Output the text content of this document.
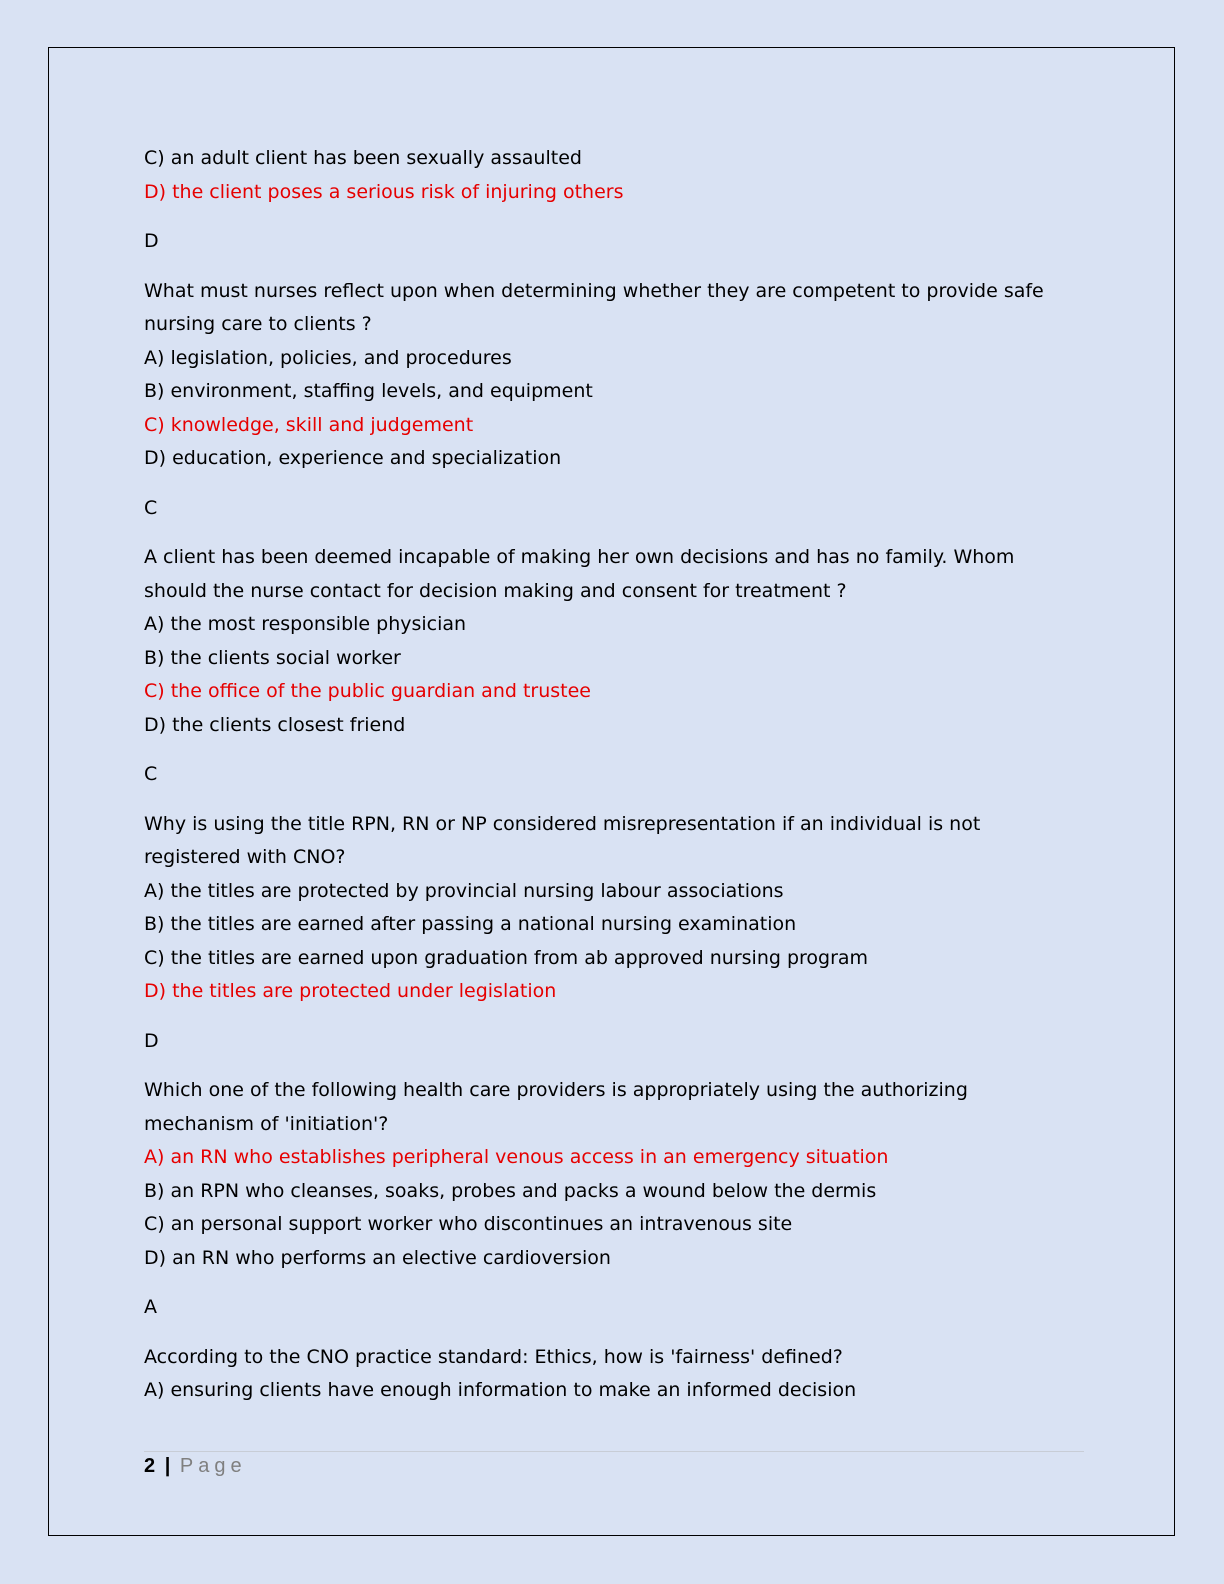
C) an adult client has been sexually assaulted
D) the client poses a serious risk of injuring others
D
What must nurses reflect upon when determining whether they are competent to provide safe
nursing care to clients ?
A) legislation, policies, and procedures
B) environment, staffing levels, and equipment
C) knowledge, skill and judgement
D) education, experience and specialization
C
A client has been deemed incapable of making her own decisions and has no family. Whom
should the nurse contact for decision making and consent for treatment ?
A) the most responsible physician
B) the clients social worker
C) the office of the public guardian and trustee
D) the clients closest friend
C
Why is using the title RPN, RN or NP considered misrepresentation if an individual is not
registered with CNO?
A) the titles are protected by provincial nursing labour associations
B) the titles are earned after passing a national nursing examination
C) the titles are earned upon graduation from ab approved nursing program
D) the titles are protected under legislation
D
Which one of the following health care providers is appropriately using the authorizing
mechanism of 'initiation'?
A) an RN who establishes peripheral venous access in an emergency situation
B) an RPN who cleanses, soaks, probes and packs a wound below the dermis
C) an personal support worker who discontinues an intravenous site
D) an RN who performs an elective cardioversion
A
According to the CNO practice standard: Ethics, how is 'fairness' defined?
A) ensuring clients have enough information to make an informed decision
2 | Page
